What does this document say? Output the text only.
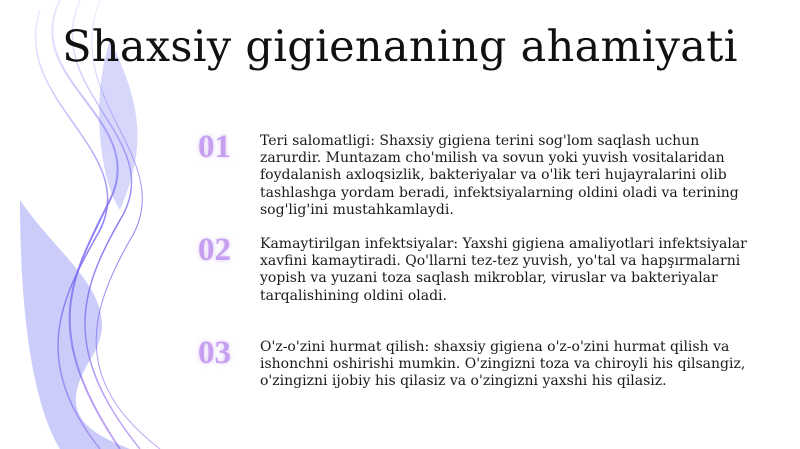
Shaxsiy gigienaning ahamiyati
01 Teri salomatligi: Shaxsiy gigiena terini sog'lom saqlash uchun zarurdir. Muntazam cho'milish va sovun yoki yuvish vositalaridan foydalanish axloqsizlik, bakteriyalar va o'lik teri hujayralarini olib tashlashga yordam beradi, infektsiyalarning oldini oladi va terining sog'lig'ini mustahkamlaydi.
02 Kamaytirilgan infektsiyalar: Yaxshi gigiena amaliyotlari infektsiyalar xavfini kamaytiradi. Qo'llarni tez-tez yuvish, yo'tal va hapşırmalarni yopish va yuzani toza saqlash mikroblar, viruslar va bakteriyalar tarqalishining oldini oladi.
03 O'z-o'zini hurmat qilish: shaxsiy gigiena o'z-o'zini hurmat qilish va ishonchni oshirishi mumkin. O'zingizni toza va chiroyli his qilsangiz, o'zingizni ijobiy his qilasiz va o'zingizni yaxshi his qilasiz.
